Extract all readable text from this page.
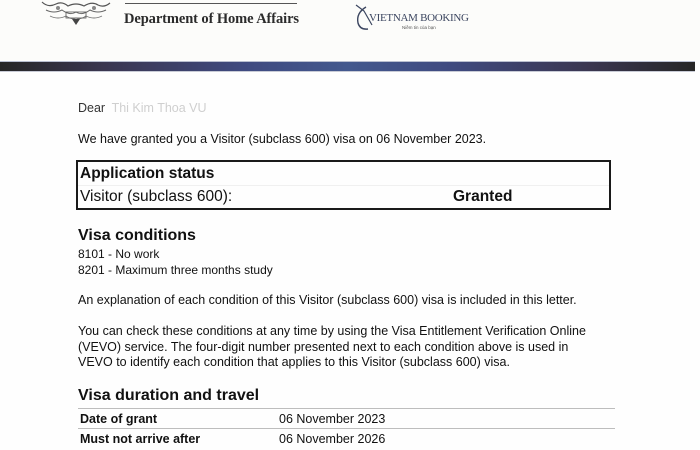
Department of Home Affairs	VIETNAM BOOKING
Niềm tin của bạn
Dear Thi Kim Thoa VU
We have granted you a Visitor (subclass 600) visa on 06 November 2023.
Application status
Visitor (subclass 600):	Granted
Visa conditions
8101 - No work
8201 - Maximum three months study
An explanation of each condition of this Visitor (subclass 600) visa is included in this letter.
You can check these conditions at any time by using the Visa Entitlement Verification Online
(VEVO) service. The four-digit number presented next to each condition above is used in
VEVO to identify each condition that applies to this Visitor (subclass 600) visa.
Visa duration and travel
Date of grant	06 November 2023
Must not arrive after	06 November 2026
